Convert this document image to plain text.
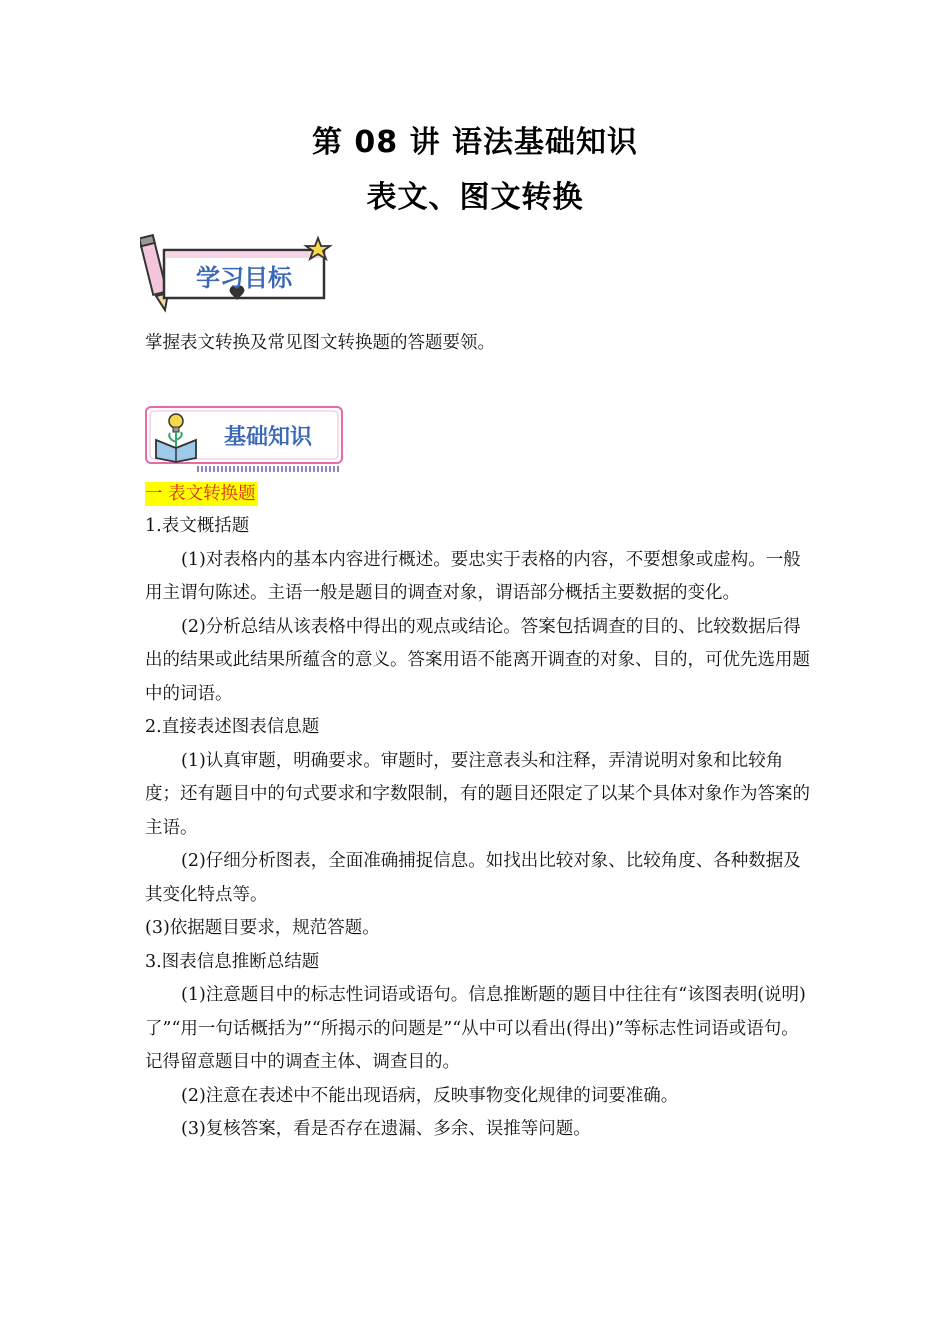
第 08 讲 语法基础知识
表文、图文转换
学习目标
掌握表文转换及常见图文转换题的答题要领。
基础知识
一 表文转换题

1.表文概括题

(1)对表格内的基本内容进行概述。要忠实于表格的内容，不要想象或虚构。一般用主谓句陈述。主语一般是题目的调查对象，谓语部分概括主要数据的变化。

(2)分析总结从该表格中得出的观点或结论。答案包括调查的目的、比较数据后得出的结果或此结果所蕴含的意义。答案用语不能离开调查的对象、目的，可优先选用题中的词语。

2.直接表述图表信息题

(1)认真审题，明确要求。审题时，要注意表头和注释，弄清说明对象和比较角度；还有题目中的句式要求和字数限制，有的题目还限定了以某个具体对象作为答案的主语。

(2)仔细分析图表，全面准确捕捉信息。如找出比较对象、比较角度、各种数据及其变化特点等。

(3)依据题目要求，规范答题。

3.图表信息推断总结题

(1)注意题目中的标志性词语或语句。信息推断题的题目中往往有“该图表明(说明)了”“用一句话概括为”“所揭示的问题是”“从中可以看出(得出)”等标志性词语或语句。记得留意题目中的调查主体、调查目的。

(2)注意在表述中不能出现语病，反映事物变化规律的词要准确。

(3)复核答案，看是否存在遗漏、多余、误推等问题。
